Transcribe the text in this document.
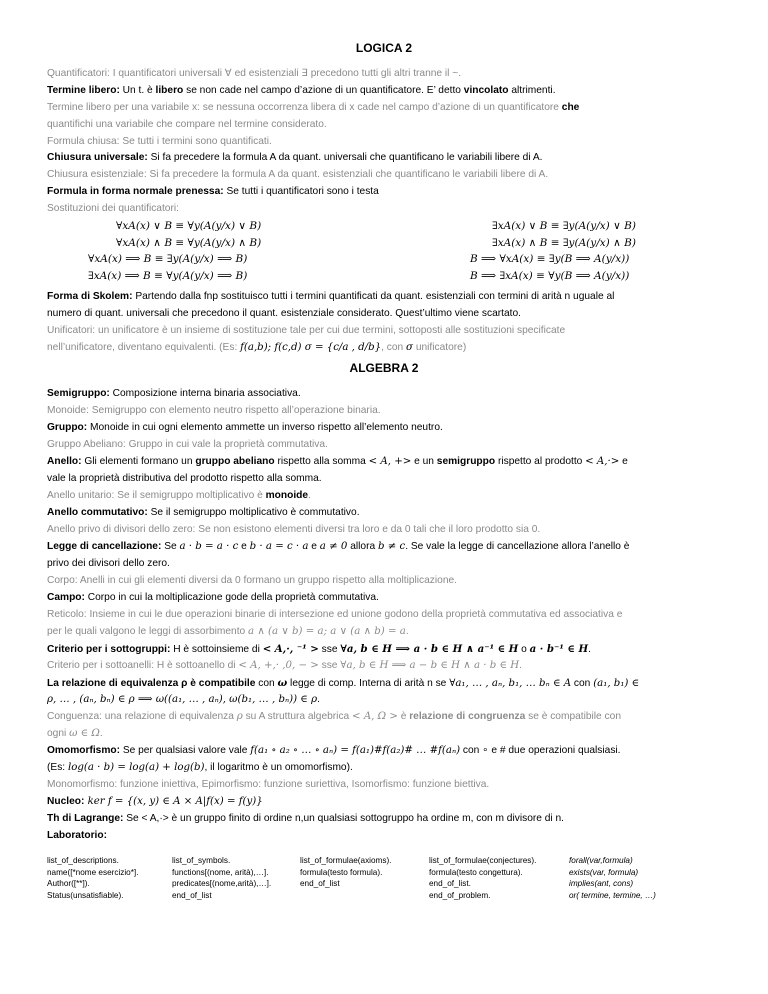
LOGICA 2
Quantificatori: I quantificatori universali ∀ ed esistenziali ∃ precedono tutti gli altri tranne il ~.
Termine libero: Un t. è libero se non cade nel campo d’azione di un quantificatore. E’ detto vincolato altrimenti.
Termine libero per una variabile x: se nessuna occorrenza libera di x cade nel campo d’azione di un quantificatore che
quantifichi una variabile che compare nel termine considerato.
Formula chiusa: Se tutti i termini sono quantificati.
Chiusura universale: Si fa precedere la formula A da quant. universali che quantificano le variabili libere di A.
Chiusura esistenziale: Si fa precedere la formula A da quant. esistenziali che quantificano le variabili libere di A.
Formula in forma normale prenessa: Se tutti i quantificatori sono i testa
Sostituzioni dei quantificatori:
∀xA(x) ∨ B ≡ ∀y(A(y/x) ∨ B)
∀xA(x) ∧ B ≡ ∀y(A(y/x) ∧ B)
∀xA(x) ⟹ B ≡ ∃y(A(y/x) ⟹ B)
∃xA(x) ⟹ B ≡ ∀y(A(y/x) ⟹ B)
∃xA(x) ∨ B ≡ ∃y(A(y/x) ∨ B)
∃xA(x) ∧ B ≡ ∃y(A(y/x) ∧ B)
B ⟹ ∀xA(x) ≡ ∃y(B ⟹ A(y/x))
B ⟹ ∃xA(x) ≡ ∀y(B ⟹ A(y/x))
Forma di Skolem: Partendo dalla fnp sostituisco tutti i termini quantificati da quant. esistenziali con termini di arità n uguale al
numero di quant. universali che precedono il quant. esistenziale considerato. Quest’ultimo viene scartato.
Unificatori: un unificatore è un insieme di sostituzione tale per cui due termini, sottoposti alle sostituzioni specificate
nell’unificatore, diventano equivalenti. (Es: f(a,b); f(c,d) σ = {c/a , d/b}, con σ unificatore)
ALGEBRA 2
Semigruppo: Composizione interna binaria associativa.
Monoide: Semigruppo con elemento neutro rispetto all’operazione binaria.
Gruppo: Monoide in cui ogni elemento ammette un inverso rispetto all’elemento neutro.
Gruppo Abeliano: Gruppo in cui vale la proprietà commutativa.
Anello: Gli elementi formano un gruppo abeliano rispetto alla somma < A, +> e un semigruppo rispetto al prodotto < A,·> e
vale la proprietà distributiva del prodotto rispetto alla somma.
Anello unitario: Se il semigruppo moltiplicativo è monoide.
Anello commutativo: Se il semigruppo moltiplicativo è commutativo.
Anello privo di divisori dello zero: Se non esistono elementi diversi tra loro e da 0 tali che il loro prodotto sia 0.
Legge di cancellazione: Se a · b = a · c e b · a = c · a e a ≠ 0 allora b ≠ c. Se vale la legge di cancellazione allora l’anello è
privo dei divisori dello zero.
Corpo: Anelli in cui gli elementi diversi da 0 formano un gruppo rispetto alla moltiplicazione.
Campo: Corpo in cui la moltiplicazione gode della proprietà commutativa.
Reticolo: Insieme in cui le due operazioni binarie di intersezione ed unione godono della proprietà commutativa ed associativa e
per le quali valgono le leggi di assorbimento a ∧ (a ∨ b) = a; a ∨ (a ∧ b) = a.
Criterio per i sottogruppi: H è sottoinsieme di < A,·, ⁻¹ > sse ∀a, b ∈ H ⟹ a · b ∈ H ∧ a⁻¹ ∈ H o a · b⁻¹ ∈ H.
Criterio per i sottoanelli: H è sottoanello di < A, +,· ,0, − > sse ∀a, b ∈ H ⟹ a − b ∈ H ∧ a · b ∈ H.
La relazione di equivalenza ρ è compatibile con ω legge di comp. Interna di arità n se ∀a₁, … , aₙ, b₁, … bₙ ∈ A con (a₁, b₁) ∈
ρ, … , (aₙ, bₙ) ∈ ρ ⟹ ω((a₁, … , aₙ), ω(b₁, … , bₙ)) ∈ ρ.
Conguenza: una relazione di equivalenza ρ su A struttura algebrica < A, Ω > è relazione di congruenza se è compatibile con
ogni ω ∈ Ω.
Omomorfismo: Se per qualsiasi valore vale f(a₁ ∘ a₂ ∘ … ∘ aₙ) = f(a₁)#f(a₂)# … #f(aₙ) con ∘ e # due operazioni qualsiasi.
(Es: log(a · b) = log(a) + log(b), il logaritmo è un omomorfismo).
Monomorfismo: funzione iniettiva, Epimorfismo: funzione suriettiva, Isomorfismo: funzione biettiva.
Nucleo: ker f = {(x, y) ∈ A × A|f(x) = f(y)}
Th di Lagrange: Se < A,·> è un gruppo finito di ordine n,un qualsiasi sottogruppo ha ordine m, con m divisore di n.
Laboratorio:
list_of_descriptions.
name([*nome esercizio*].
Author([**]).
Status(unsatisfiable).
list_of_symbols.
functions[(nome, arità),…].
predicates[(nome,arità),…].
end_of_list
list_of_formulae(axioms).
formula(testo formula).
end_of_list
list_of_formulae(conjectures).
formula(testo congettura).
end_of_list.
end_of_problem.
forall(var,formula)
exists(var, formula)
implies(ant, cons)
or( termine, termine, …)
